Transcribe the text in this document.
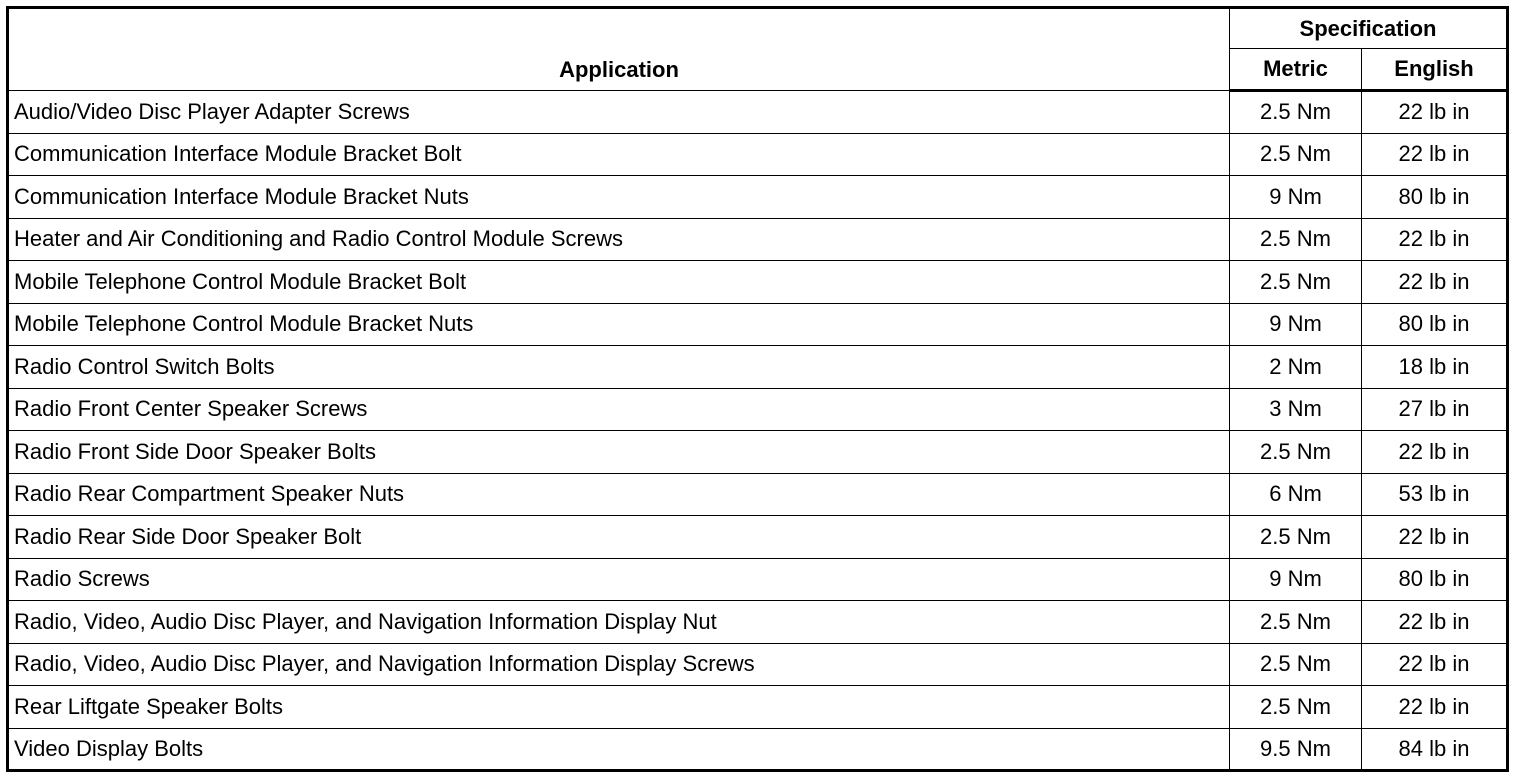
Application	Specification	
	Metric	English
Audio/Video Disc Player Adapter Screws	2.5 Nm	22 lb in
Communication Interface Module Bracket Bolt	2.5 Nm	22 lb in
Communication Interface Module Bracket Nuts	9 Nm	80 lb in
Heater and Air Conditioning and Radio Control Module Screws	2.5 Nm	22 lb in
Mobile Telephone Control Module Bracket Bolt	2.5 Nm	22 lb in
Mobile Telephone Control Module Bracket Nuts	9 Nm	80 lb in
Radio Control Switch Bolts	2 Nm	18 lb in
Radio Front Center Speaker Screws	3 Nm	27 lb in
Radio Front Side Door Speaker Bolts	2.5 Nm	22 lb in
Radio Rear Compartment Speaker Nuts	6 Nm	53 lb in
Radio Rear Side Door Speaker Bolt	2.5 Nm	22 lb in
Radio Screws	9 Nm	80 lb in
Radio, Video, Audio Disc Player, and Navigation Information Display Nut	2.5 Nm	22 lb in
Radio, Video, Audio Disc Player, and Navigation Information Display Screws	2.5 Nm	22 lb in
Rear Liftgate Speaker Bolts	2.5 Nm	22 lb in
Video Display Bolts	9.5 Nm	84 lb in
